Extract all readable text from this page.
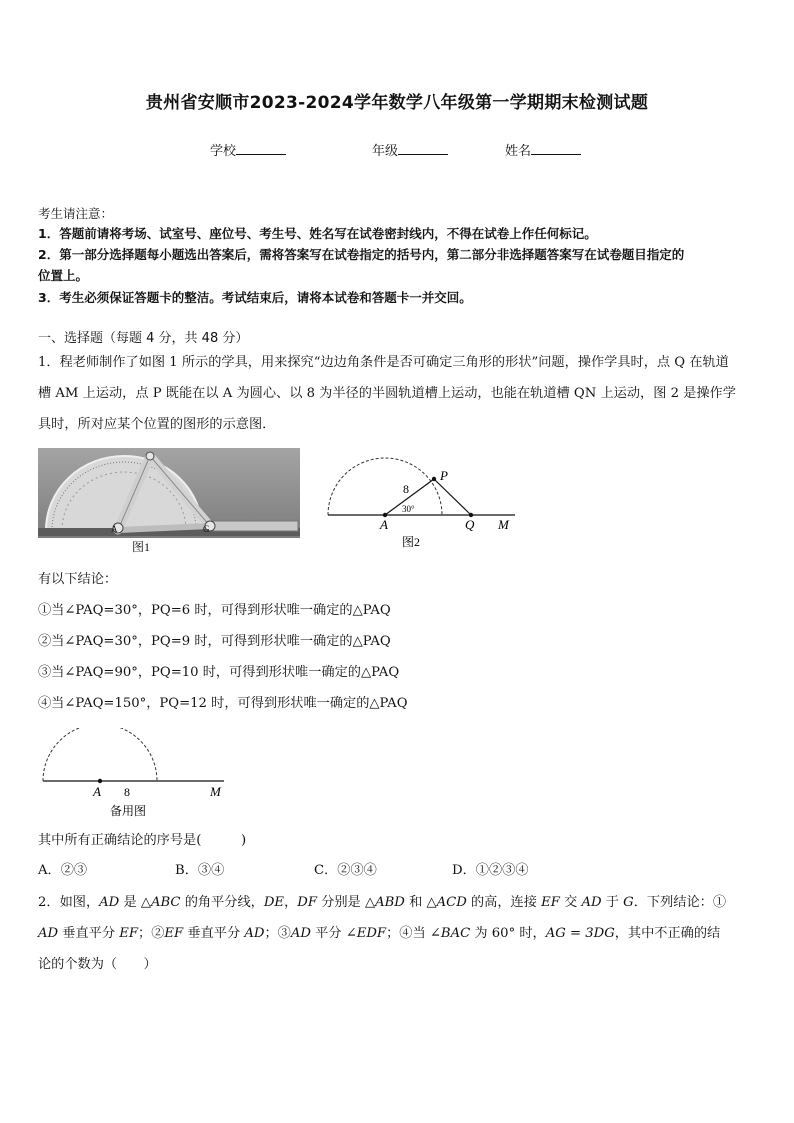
贵州省安顺市2023-2024学年数学八年级第一学期期末检测试题
学校	年级	姓名
考生请注意：
1．答题前请将考场、试室号、座位号、考生号、姓名写在试卷密封线内，不得在试卷上作任何标记。
2．第一部分选择题每小题选出答案后，需将答案写在试卷指定的括号内，第二部分非选择题答案写在试卷题目指定的
位置上。
3．考生必须保证答题卡的整洁。考试结束后，请将本试卷和答题卡一并交回。
一、选择题（每题 4 分，共 48 分）
1．程老师制作了如图 1 所示的学具，用来探究“边边角条件是否可确定三角形的形状”问题，操作学具时，点 Q 在轨道
槽 AM 上运动，点 P 既能在以 A 为圆心、以 8 为半径的半圆轨道槽上运动，也能在轨道槽 QN 上运动，图 2 是操作学
具时，所对应某个位置的图形的示意图．
A	G
图1
P
A	Q M
8
30°
图2
有以下结论：
①当∠PAQ=30°，PQ=6 时，可得到形状唯一确定的△PAQ
②当∠PAQ=30°，PQ=9 时，可得到形状唯一确定的△PAQ
③当∠PAQ=90°，PQ=10 时，可得到形状唯一确定的△PAQ
④当∠PAQ=150°，PQ=12 时，可得到形状唯一确定的△PAQ
A 8	M
备用图
其中所有正确结论的序号是(　　　)
A．②③	B．③④	C．②③④	D．①②③④
2．如图，AD 是 △ABC 的角平分线，DE，DF 分别是 △ABD 和 △ACD 的高，连接 EF 交 AD 于 G．下列结论：①
AD 垂直平分 EF；②EF 垂直平分 AD；③AD 平分 ∠EDF；④当 ∠BAC 为 60° 时，AG = 3DG，其中不正确的结
论的个数为（　　）
